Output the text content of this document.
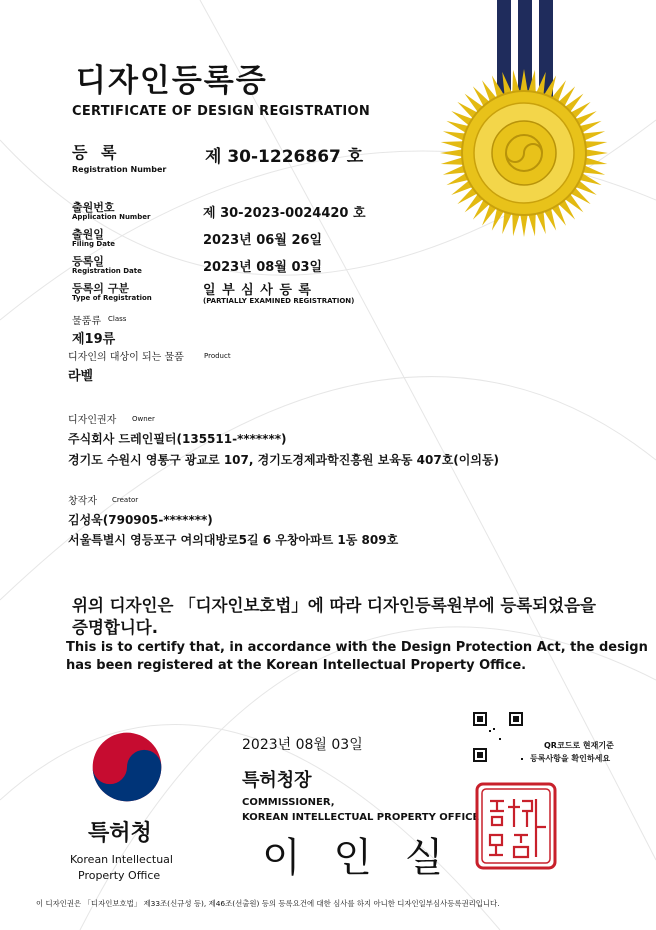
디자인등록증
CERTIFICATE OF DESIGN REGISTRATION
등 록
Registration Number
제 30-1226867 호
출원번호
Application Number	제 30-2023-0024420 호
출원일
Filing Date	2023년 06월 26일
등록일
Registration Date	2023년 08월 03일
등록의 구분
Type of Registration	일 부 심 사 등 록
(PARTIALLY EXAMINED REGISTRATION)
물품류 Class
제19류
디자인의 대상이 되는 물품	Product
라벨
디자인권자 Owner
주식회사 드레인필터(135511-*******)
경기도 수원시 영통구 광교로 107, 경기도경제과학진흥원 보육동 407호(이의동)
창작자 Creator
김성욱(790905-*******)
서울특별시 영등포구 여의대방로5길 6 우창아파트 1동 809호
위의 디자인은 「디자인보호법」에 따라 디자인등록원부에 등록되었음을
증명합니다.
This is to certify that, in accordance with the Design Protection Act, the design
has been registered at the Korean Intellectual Property Office.
특허청
Korean Intellectual
Property Office
2023년 08월 03일
특허청장
COMMISSIONER,
KOREAN INTELLECTUAL PROPERTY OFFICE
이 인 실
QR코드로 현재기준
등록사항을 확인하세요
이 디자인권은 「디자인보호법」 제33조(신규성 등), 제46조(선출원) 등의 등록요건에 대한 심사를 하지 아니한 디자인일부심사등록권리입니다.
